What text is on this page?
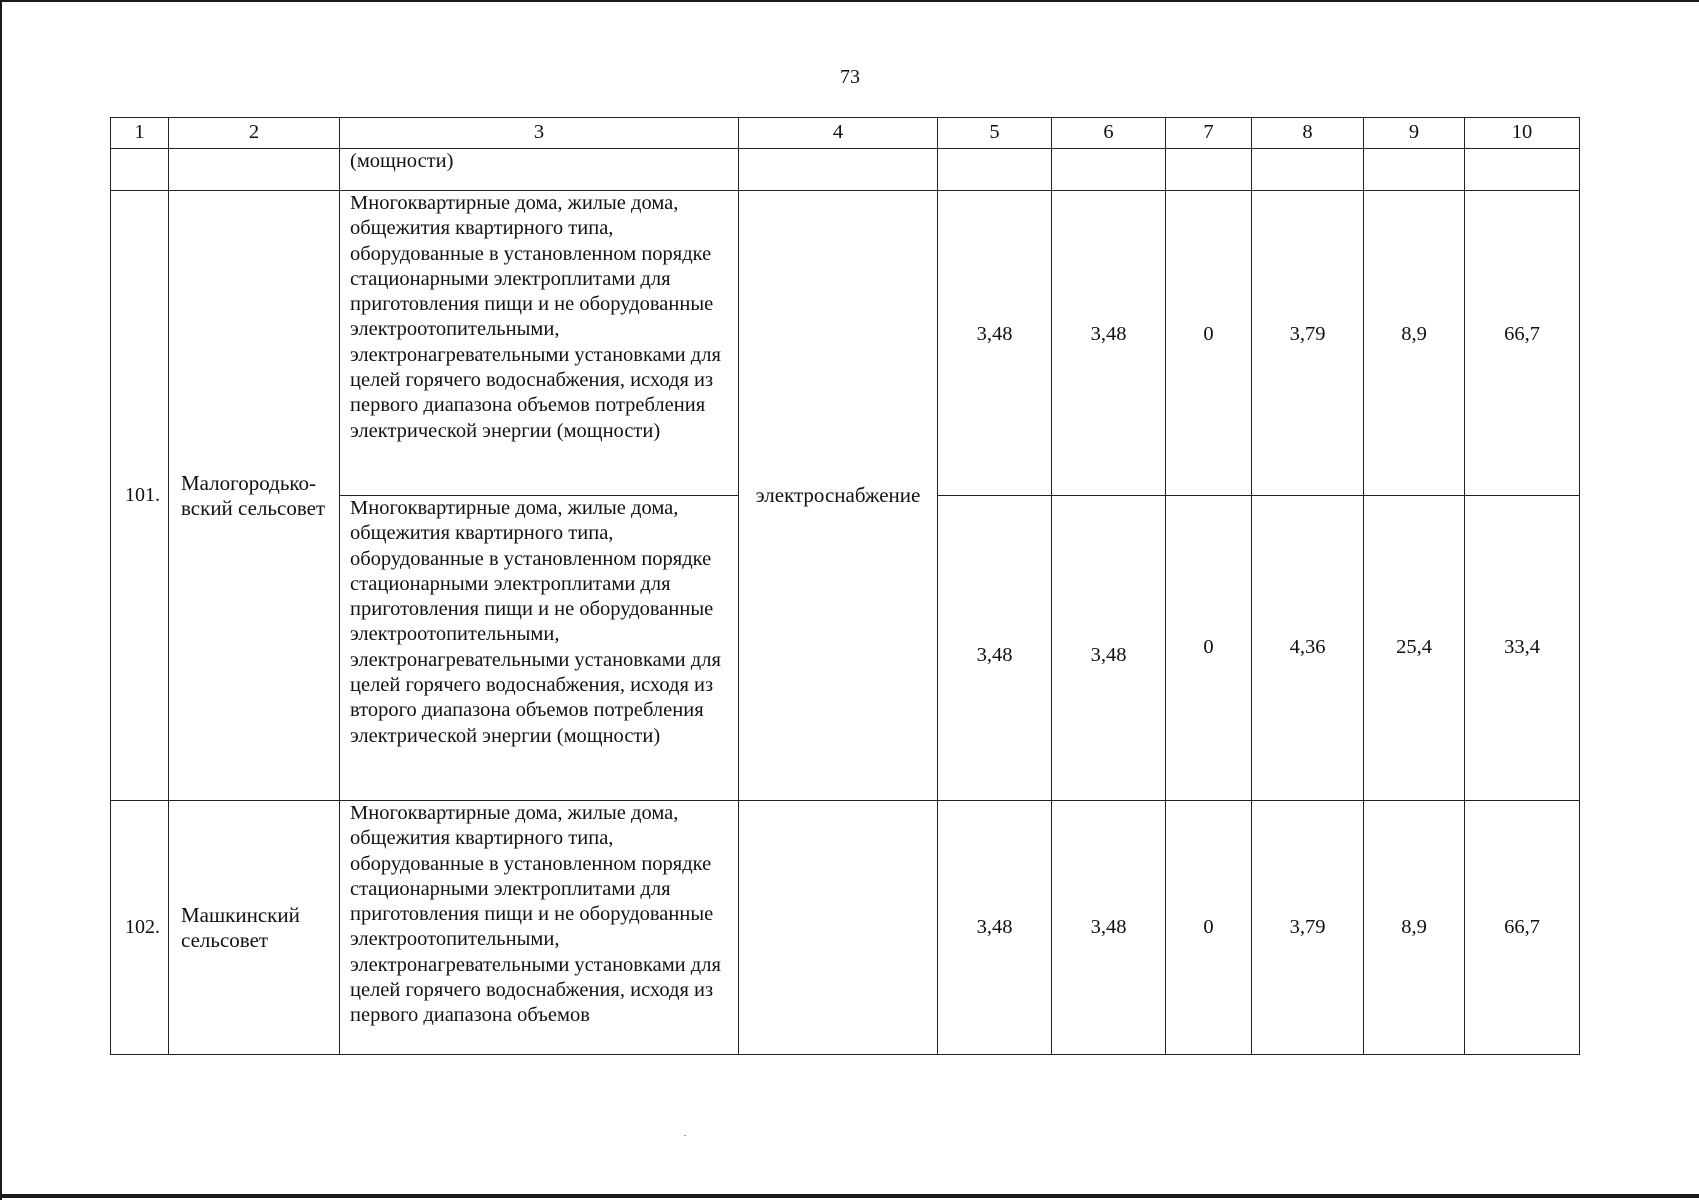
73
1	2	3	4	5	6	7	8	9	10
		(мощности)							
101.	Малогородько-вский сельсовет	Многоквартирные дома, жилые дома, общежития квартирного типа, оборудованные в установленном порядке стационарными электроплитами для приготовления пищи и не оборудованные электроотопительными, электронагревательными установками для целей горячего водоснабжения, исходя из первого диапазона объемов потребления электрической энергии (мощности)	электроснабжение	3,48	3,48	0	3,79	8,9	66,7
		Многоквартирные дома, жилые дома, общежития квартирного типа, оборудованные в установленном порядке стационарными электроплитами для приготовления пищи и не оборудованные электроотопительными, электронагревательными установками для целей горячего водоснабжения, исходя из второго диапазона объемов потребления электрической энергии (мощности)		3,48	3,48	0	4,36	25,4	33,4
102.	Машкинский сельсовет	Многоквартирные дома, жилые дома, общежития квартирного типа, оборудованные в установленном порядке стационарными электроплитами для приготовления пищи и не оборудованные электроотопительными, электронагревательными установками для целей горячего водоснабжения, исходя из первого диапазона объемов		3,48	3,48	0	3,79	8,9	66,7
